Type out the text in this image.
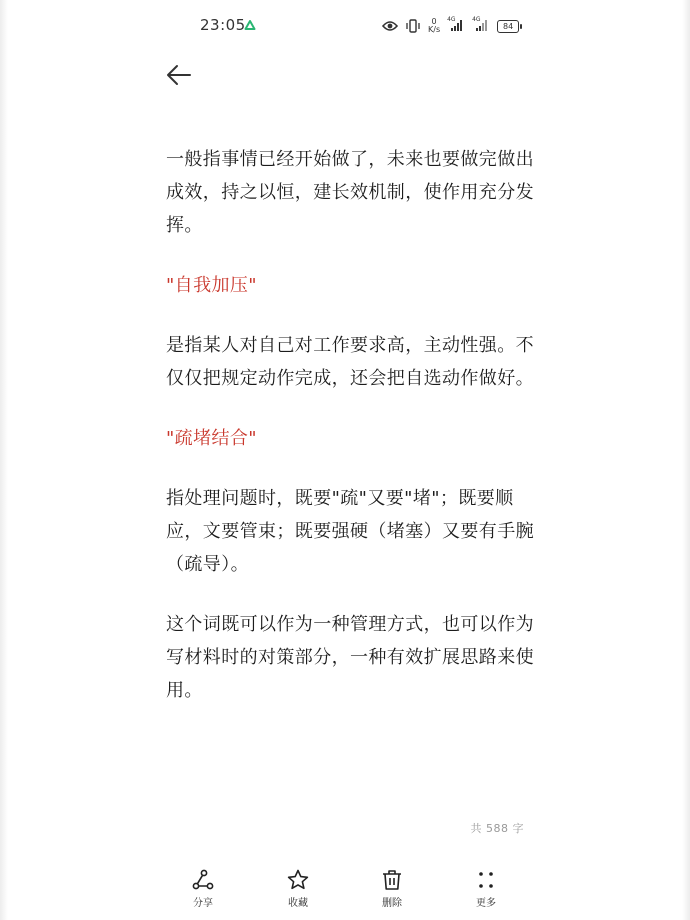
23:05	0
K/s
4G	4G
84

一般指事情已经开始做了，未来也要做完做出成效，持之以恒，建长效机制，使作用充分发挥。

"自我加压"

是指某人对自己对工作要求高，主动性强。不仅仅把规定动作完成，还会把自选动作做好。

"疏堵结合"

指处理问题时，既要"疏"又要"堵"；既要顺应，文要管束；既要强硬（堵塞）又要有手腕（疏导）。

这个词既可以作为一种管理方式，也可以作为写材料时的对策部分，一种有效扩展思路来使用。

共 588 字
分享	收藏	删除	更多
